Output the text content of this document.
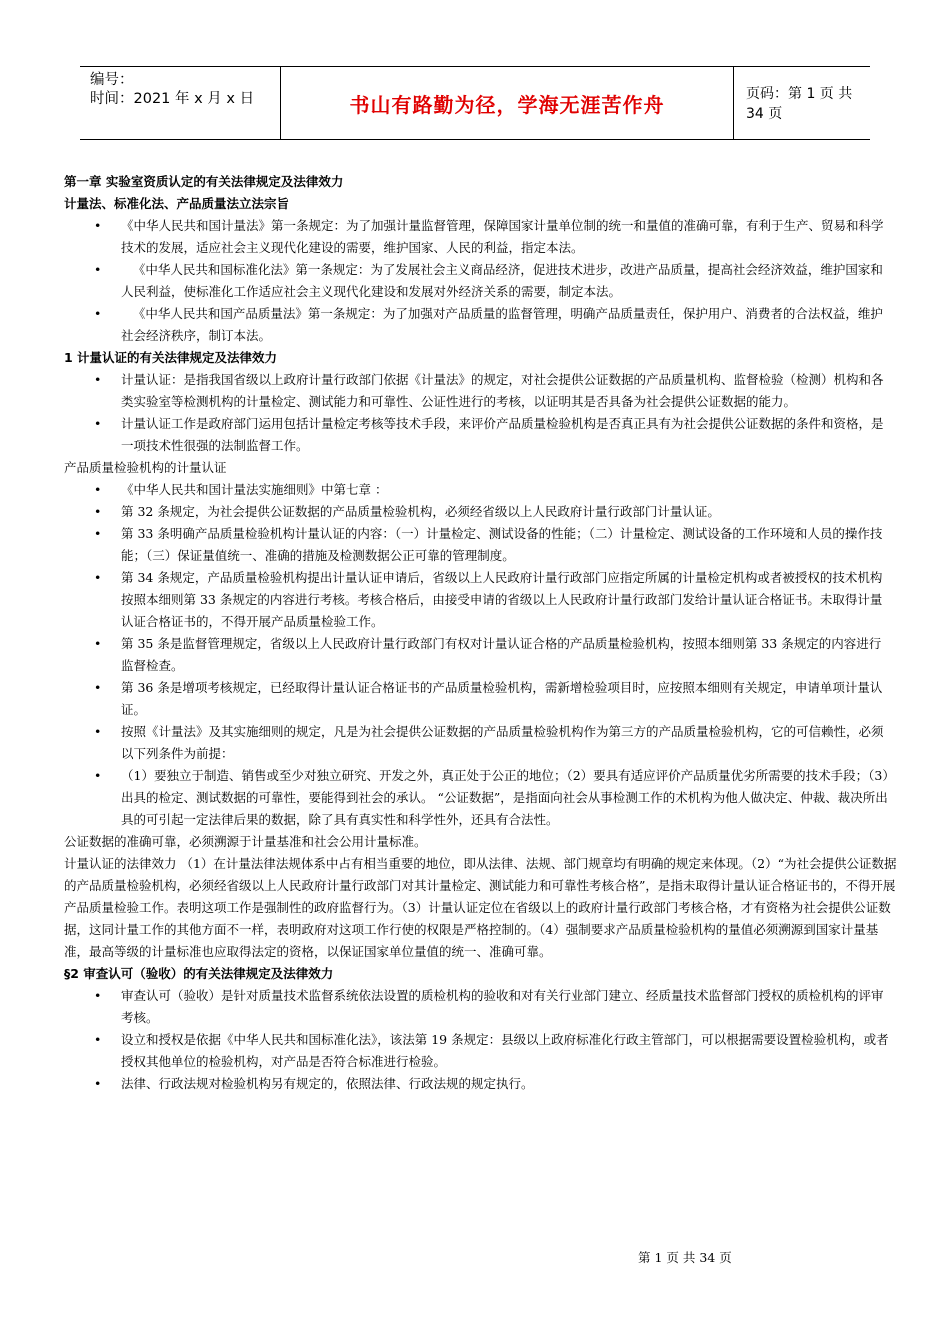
编号：
时间：2021 年 x 月 x 日	书山有路勤为径，学海无涯苦作舟	页码：第 1 页 共 34 页
第一章 实验室资质认定的有关法律规定及法律效力
计量法、标准化法、产品质量法立法宗旨
• 《中华人民共和国计量法》第一条规定：为了加强计量监督管理，保障国家计量单位制的统一和量值的准确可靠，有利于生产、贸易和科学技术的发展，适应社会主义现代化建设的需要，维护国家、人民的利益，指定本法。
• 《中华人民共和国标准化法》第一条规定：为了发展社会主义商品经济，促进技术进步，改进产品质量，提高社会经济效益，维护国家和人民利益，使标准化工作适应社会主义现代化建设和发展对外经济关系的需要，制定本法。
• 《中华人民共和国产品质量法》第一条规定：为了加强对产品质量的监督管理，明确产品质量责任，保护用户、消费者的合法权益，维护社会经济秩序，制订本法。
1 计量认证的有关法律规定及法律效力
• 计量认证：是指我国省级以上政府计量行政部门依据《计量法》的规定，对社会提供公证数据的产品质量机构、监督检验（检测）机构和各类实验室等检测机构的计量检定、测试能力和可靠性、公证性进行的考核，以证明其是否具备为社会提供公证数据的能力。
• 计量认证工作是政府部门运用包括计量检定考核等技术手段，来评价产品质量检验机构是否真正具有为社会提供公证数据的条件和资格，是一项技术性很强的法制监督工作。
产品质量检验机构的计量认证
• 《中华人民共和国计量法实施细则》中第七章 ：
• 第 32 条规定，为社会提供公证数据的产品质量检验机构，必须经省级以上人民政府计量行政部门计量认证。
• 第 33 条明确产品质量检验机构计量认证的内容：（一）计量检定、测试设备的性能；（二）计量检定、测试设备的工作环境和人员的操作技能；（三）保证量值统一、准确的措施及检测数据公正可靠的管理制度。
• 第 34 条规定，产品质量检验机构提出计量认证申请后，省级以上人民政府计量行政部门应指定所属的计量检定机构或者被授权的技术机构按照本细则第 33 条规定的内容进行考核。考核合格后，由接受申请的省级以上人民政府计量行政部门发给计量认证合格证书。未取得计量认证合格证书的，不得开展产品质量检验工作。
• 第 35 条是监督管理规定，省级以上人民政府计量行政部门有权对计量认证合格的产品质量检验机构，按照本细则第 33 条规定的内容进行监督检查。
• 第 36 条是增项考核规定，已经取得计量认证合格证书的产品质量检验机构，需新增检验项目时，应按照本细则有关规定，申请单项计量认证。
• 按照《计量法》及其实施细则的规定，凡是为社会提供公证数据的产品质量检验机构作为第三方的产品质量检验机构，它的可信赖性，必须以下列条件为前提：
• （1）要独立于制造、销售或至少对独立研究、开发之外，真正处于公正的地位；（2）要具有适应评价产品质量优劣所需要的技术手段；（3）出具的检定、测试数据的可靠性，要能得到社会的承认。 “公证数据”，是指面向社会从事检测工作的术机构为他人做决定、仲裁、裁决所出具的可引起一定法律后果的数据，除了具有真实性和科学性外，还具有合法性。
公证数据的准确可靠，必须溯源于计量基准和社会公用计量标准。
计量认证的法律效力 （1）在计量法律法规体系中占有相当重要的地位，即从法律、法规、部门规章均有明确的规定来体现。（2）“为社会提供公证数据的产品质量检验机构，必须经省级以上人民政府计量行政部门对其计量检定、测试能力和可靠性考核合格”，是指未取得计量认证合格证书的，不得开展产品质量检验工作。表明这项工作是强制性的政府监督行为。（3）计量认证定位在省级以上的政府计量行政部门考核合格，才有资格为社会提供公证数据，这同计量工作的其他方面不一样，表明政府对这项工作行使的权限是严格控制的。（4）强制要求产品质量检验机构的量值必须溯源到国家计量基准，最高等级的计量标准也应取得法定的资格，以保证国家单位量值的统一、准确可靠。
§2 审查认可（验收）的有关法律规定及法律效力
• 审查认可（验收）是针对质量技术监督系统依法设置的质检机构的验收和对有关行业部门建立、经质量技术监督部门授权的质检机构的评审考核。
• 设立和授权是依据《中华人民共和国标准化法》，该法第 19 条规定：县级以上政府标准化行政主管部门，可以根据需要设置检验机构，或者授权其他单位的检验机构，对产品是否符合标准进行检验。
• 法律、行政法规对检验机构另有规定的，依照法律、行政法规的规定执行。
第 1 页 共 34 页
